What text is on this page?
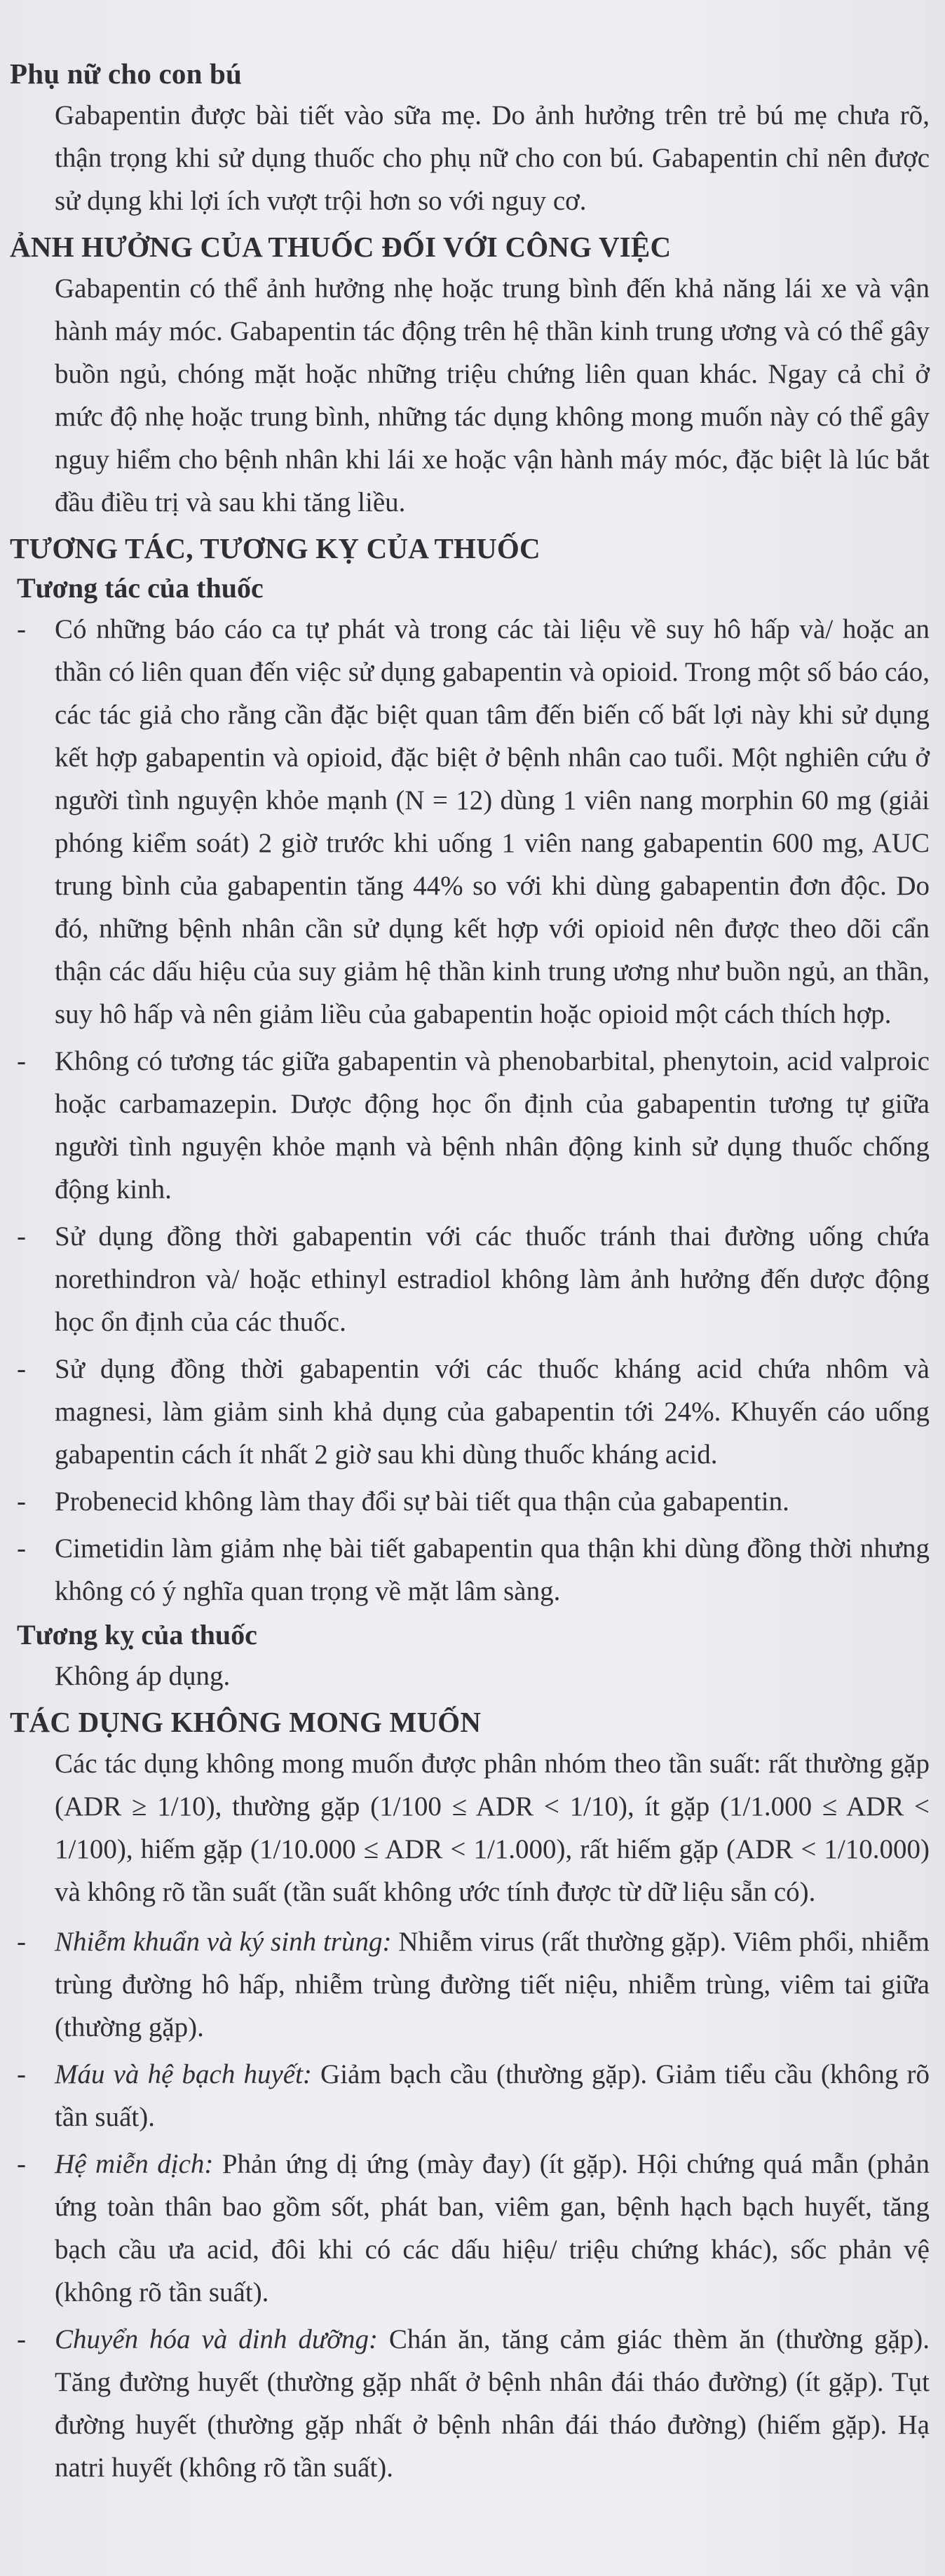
Phụ nữ cho con bú
Gabapentin được bài tiết vào sữa mẹ. Do ảnh hưởng trên trẻ bú mẹ chưa rõ, thận trọng khi sử dụng thuốc cho phụ nữ cho con bú. Gabapentin chỉ nên được sử dụng khi lợi ích vượt trội hơn so với nguy cơ.
ẢNH HƯỞNG CỦA THUỐC ĐỐI VỚI CÔNG VIỆC
Gabapentin có thể ảnh hưởng nhẹ hoặc trung bình đến khả năng lái xe và vận hành máy móc. Gabapentin tác động trên hệ thần kinh trung ương và có thể gây buồn ngủ, chóng mặt hoặc những triệu chứng liên quan khác. Ngay cả chỉ ở mức độ nhẹ hoặc trung bình, những tác dụng không mong muốn này có thể gây nguy hiểm cho bệnh nhân khi lái xe hoặc vận hành máy móc, đặc biệt là lúc bắt đầu điều trị và sau khi tăng liều.
TƯƠNG TÁC, TƯƠNG KỴ CỦA THUỐC
Tương tác của thuốc
-	Có những báo cáo ca tự phát và trong các tài liệu về suy hô hấp và/ hoặc an thần có liên quan đến việc sử dụng gabapentin và opioid. Trong một số báo cáo, các tác giả cho rằng cần đặc biệt quan tâm đến biến cố bất lợi này khi sử dụng kết hợp gabapentin và opioid, đặc biệt ở bệnh nhân cao tuổi. Một nghiên cứu ở người tình nguyện khỏe mạnh (N = 12) dùng 1 viên nang morphin 60 mg (giải phóng kiểm soát) 2 giờ trước khi uống 1 viên nang gabapentin 600 mg, AUC trung bình của gabapentin tăng 44% so với khi dùng gabapentin đơn độc. Do đó, những bệnh nhân cần sử dụng kết hợp với opioid nên được theo dõi cẩn thận các dấu hiệu của suy giảm hệ thần kinh trung ương như buồn ngủ, an thần, suy hô hấp và nên giảm liều của gabapentin hoặc opioid một cách thích hợp.
-	Không có tương tác giữa gabapentin và phenobarbital, phenytoin, acid valproic hoặc carbamazepin. Dược động học ổn định của gabapentin tương tự giữa người tình nguyện khỏe mạnh và bệnh nhân động kinh sử dụng thuốc chống động kinh.
-	Sử dụng đồng thời gabapentin với các thuốc tránh thai đường uống chứa norethindron và/ hoặc ethinyl estradiol không làm ảnh hưởng đến dược động học ổn định của các thuốc.
-	Sử dụng đồng thời gabapentin với các thuốc kháng acid chứa nhôm và magnesi, làm giảm sinh khả dụng của gabapentin tới 24%. Khuyến cáo uống gabapentin cách ít nhất 2 giờ sau khi dùng thuốc kháng acid.
-	Probenecid không làm thay đổi sự bài tiết qua thận của gabapentin.
-	Cimetidin làm giảm nhẹ bài tiết gabapentin qua thận khi dùng đồng thời nhưng không có ý nghĩa quan trọng về mặt lâm sàng.
Tương kỵ của thuốc
Không áp dụng.
TÁC DỤNG KHÔNG MONG MUỐN
Các tác dụng không mong muốn được phân nhóm theo tần suất: rất thường gặp (ADR ≥ 1/10), thường gặp (1/100 ≤ ADR < 1/10), ít gặp (1/1.000 ≤ ADR < 1/100), hiếm gặp (1/10.000 ≤ ADR < 1/1.000), rất hiếm gặp (ADR < 1/10.000) và không rõ tần suất (tần suất không ước tính được từ dữ liệu sẵn có).
-	Nhiễm khuẩn và ký sinh trùng: Nhiễm virus (rất thường gặp). Viêm phổi, nhiễm trùng đường hô hấp, nhiễm trùng đường tiết niệu, nhiễm trùng, viêm tai giữa (thường gặp).
-	Máu và hệ bạch huyết: Giảm bạch cầu (thường gặp). Giảm tiểu cầu (không rõ tần suất).
-	Hệ miễn dịch: Phản ứng dị ứng (mày đay) (ít gặp). Hội chứng quá mẫn (phản ứng toàn thân bao gồm sốt, phát ban, viêm gan, bệnh hạch bạch huyết, tăng bạch cầu ưa acid, đôi khi có các dấu hiệu/ triệu chứng khác), sốc phản vệ (không rõ tần suất).
-	Chuyển hóa và dinh dưỡng: Chán ăn, tăng cảm giác thèm ăn (thường gặp). Tăng đường huyết (thường gặp nhất ở bệnh nhân đái tháo đường) (ít gặp). Tụt đường huyết (thường gặp nhất ở bệnh nhân đái tháo đường) (hiếm gặp). Hạ natri huyết (không rõ tần suất).
